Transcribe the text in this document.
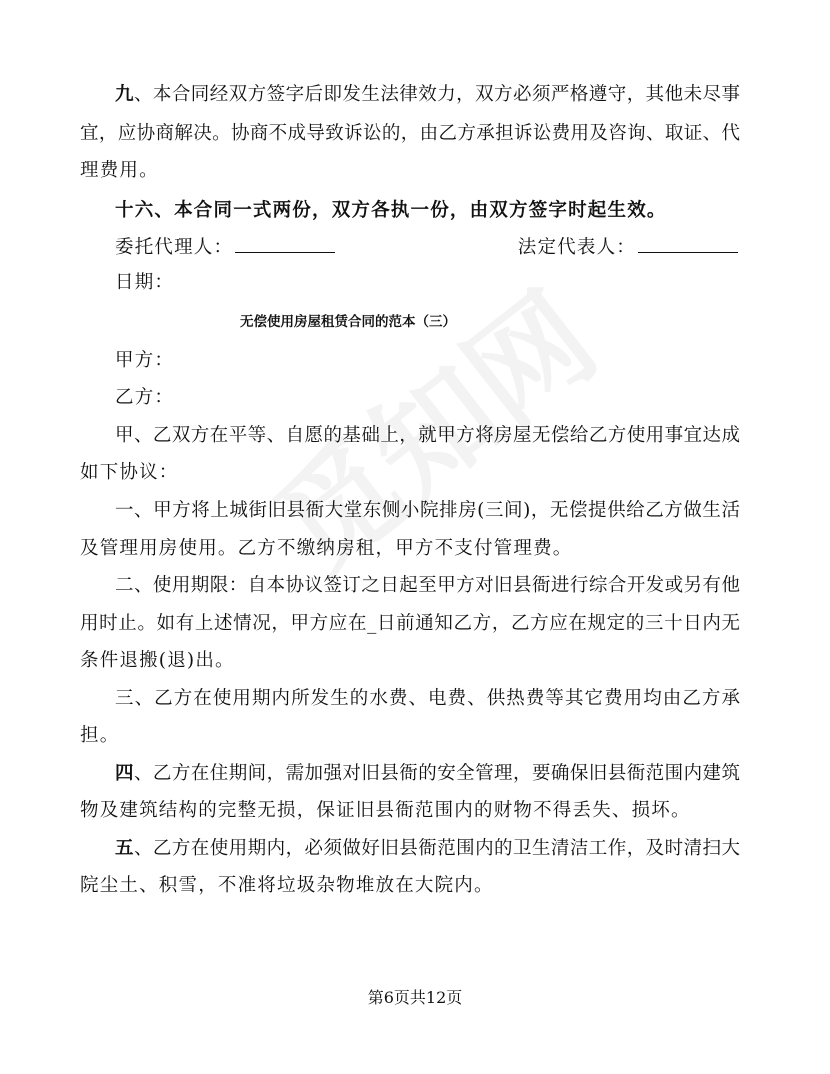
九、本合同经双方签字后即发生法律效力，双方必须严格遵守，其他未尽事
宜，应协商解决。协商不成导致诉讼的，由乙方承担诉讼费用及咨询、取证、代
理费用。
十六、本合同一式两份，双方各执一份，由双方签字时起生效。
委托代理人：	法定代表人：
日期：
无偿使用房屋租赁合同的范本（三）
甲方：
乙方：
甲、乙双方在平等、自愿的基础上，就甲方将房屋无偿给乙方使用事宜达成
如下协议：
一、甲方将上城街旧县衙大堂东侧小院排房(三间)，无偿提供给乙方做生活
及管理用房使用。乙方不缴纳房租，甲方不支付管理费。
二、使用期限：自本协议签订之日起至甲方对旧县衙进行综合开发或另有他
用时止。如有上述情况，甲方应在_日前通知乙方，乙方应在规定的三十日内无
条件退搬(退)出。
三、乙方在使用期内所发生的水费、电费、供热费等其它费用均由乙方承
担。
四、乙方在住期间，需加强对旧县衙的安全管理，要确保旧县衙范围内建筑
物及建筑结构的完整无损，保证旧县衙范围内的财物不得丢失、损坏。
五、乙方在使用期内，必须做好旧县衙范围内的卫生清洁工作，及时清扫大
院尘土、积雪，不准将垃圾杂物堆放在大院内。
第6页共12页
